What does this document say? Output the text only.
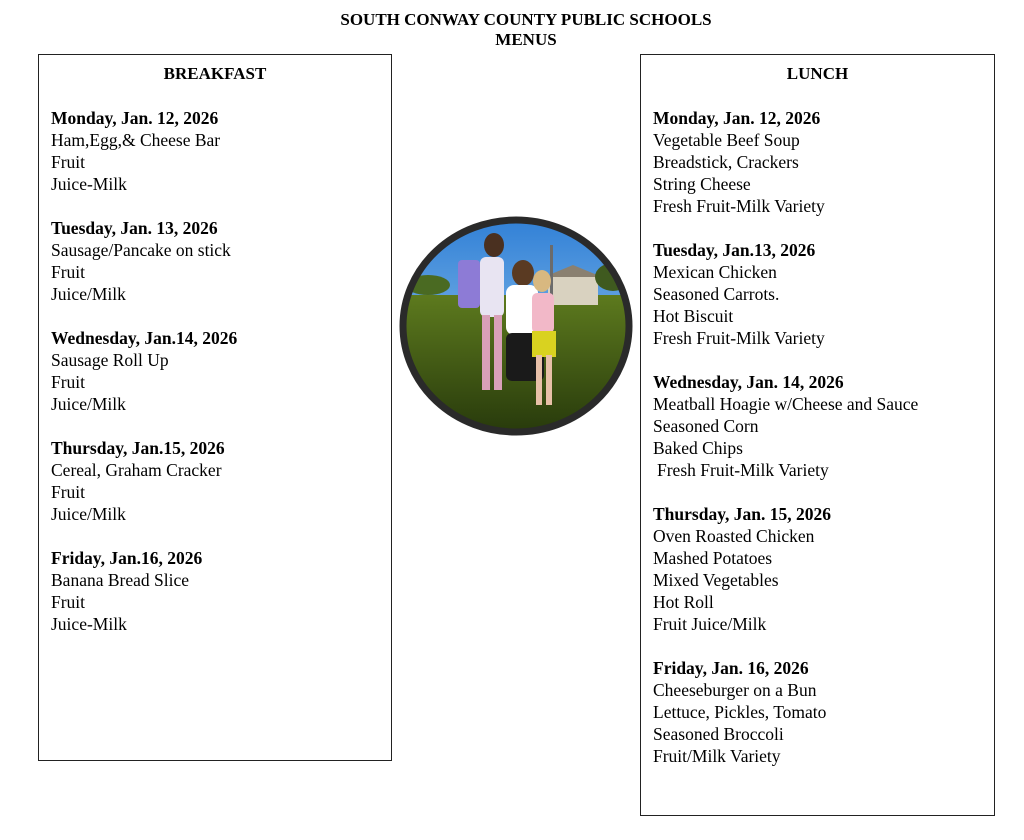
SOUTH CONWAY COUNTY PUBLIC SCHOOLS
MENUS
BREAKFAST
Monday, Jan. 12, 2026
Ham,Egg,& Cheese Bar
Fruit
Juice-Milk
Tuesday, Jan. 13, 2026
Sausage/Pancake on stick
Fruit
Juice/Milk
Wednesday, Jan.14, 2026
Sausage Roll Up
Fruit
Juice/Milk
Thursday, Jan.15, 2026
Cereal, Graham Cracker
Fruit
Juice/Milk
Friday, Jan.16, 2026
Banana Bread Slice
Fruit
Juice-Milk
LUNCH
Monday, Jan. 12, 2026
Vegetable Beef Soup
Breadstick, Crackers
String Cheese
Fresh Fruit-Milk Variety
Tuesday, Jan.13, 2026
Mexican Chicken
Seasoned Carrots.
Hot Biscuit
Fresh Fruit-Milk Variety
Wednesday, Jan. 14, 2026
Meatball Hoagie w/Cheese and Sauce
Seasoned Corn
Baked Chips
Fresh Fruit-Milk Variety
Thursday, Jan. 15, 2026
Oven Roasted Chicken
Mashed Potatoes
Mixed Vegetables
Hot Roll
Fruit Juice/Milk
Friday, Jan. 16, 2026
Cheeseburger on a Bun
Lettuce, Pickles, Tomato
Seasoned Broccoli
Fruit/Milk Variety
